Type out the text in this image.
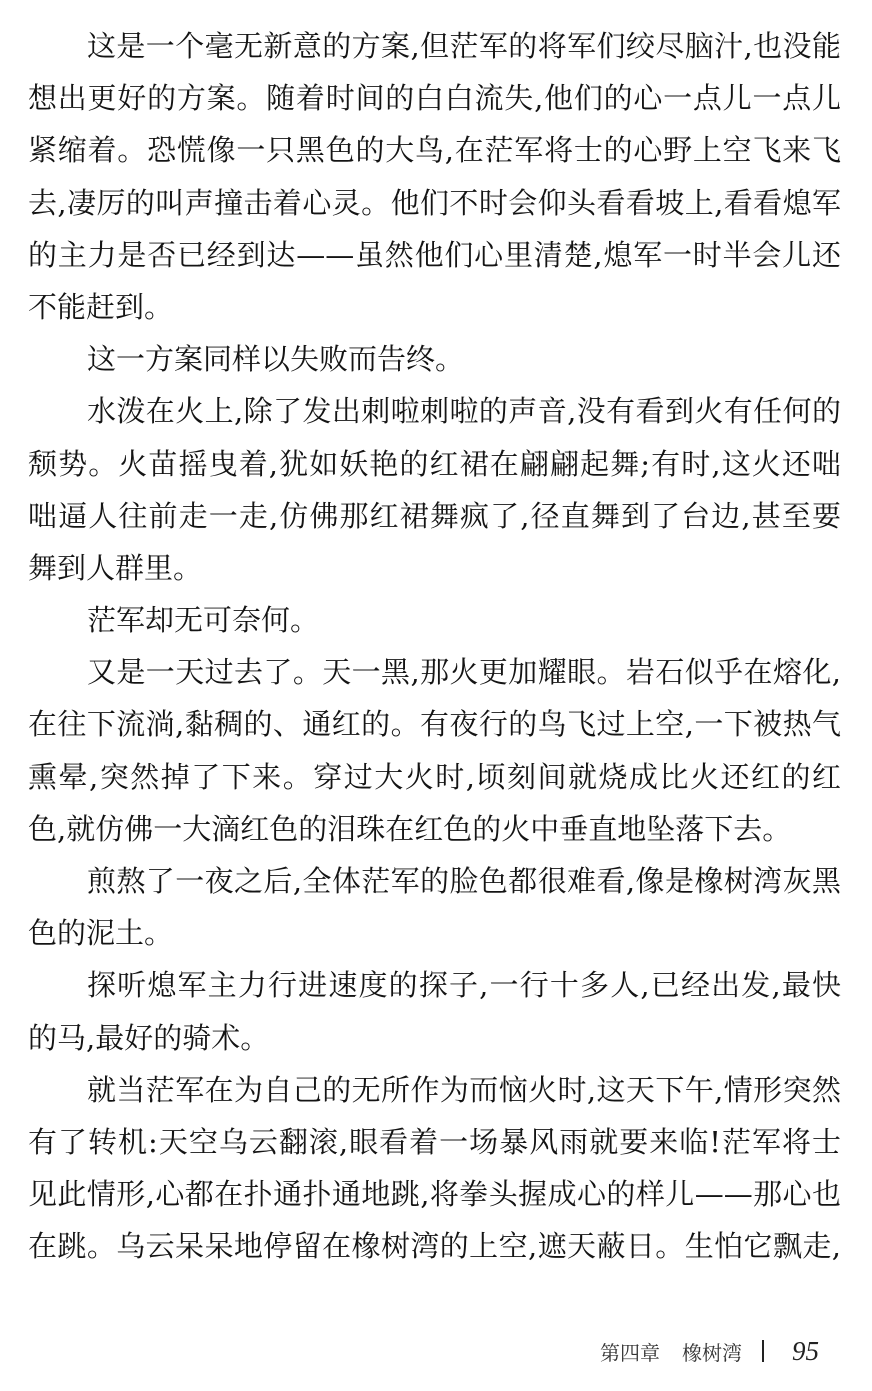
这是一个毫无新意的方案,但茫军的将军们绞尽脑汁,也没能
想出更好的方案。随着时间的白白流失,他们的心一点儿一点儿
紧缩着。恐慌像一只黑色的大鸟,在茫军将士的心野上空飞来飞
去,凄厉的叫声撞击着心灵。他们不时会仰头看看坡上,看看熄军
的主力是否已经到达——虽然他们心里清楚,熄军一时半会儿还
不能赶到。
这一方案同样以失败而告终。
水泼在火上,除了发出刺啦刺啦的声音,没有看到火有任何的
颓势。火苗摇曳着,犹如妖艳的红裙在翩翩起舞;有时,这火还咄
咄逼人往前走一走,仿佛那红裙舞疯了,径直舞到了台边,甚至要
舞到人群里。
茫军却无可奈何。
又是一天过去了。天一黑,那火更加耀眼。岩石似乎在熔化,
在往下流淌,黏稠的、通红的。有夜行的鸟飞过上空,一下被热气
熏晕,突然掉了下来。穿过大火时,顷刻间就烧成比火还红的红
色,就仿佛一大滴红色的泪珠在红色的火中垂直地坠落下去。
煎熬了一夜之后,全体茫军的脸色都很难看,像是橡树湾灰黑
色的泥土。
探听熄军主力行进速度的探子,一行十多人,已经出发,最快
的马,最好的骑术。
就当茫军在为自己的无所作为而恼火时,这天下午,情形突然
有了转机:天空乌云翻滚,眼看着一场暴风雨就要来临!茫军将士
见此情形,心都在扑通扑通地跳,将拳头握成心的样儿——那心也
在跳。乌云呆呆地停留在橡树湾的上空,遮天蔽日。生怕它飘走,
第四章 橡树湾 95
